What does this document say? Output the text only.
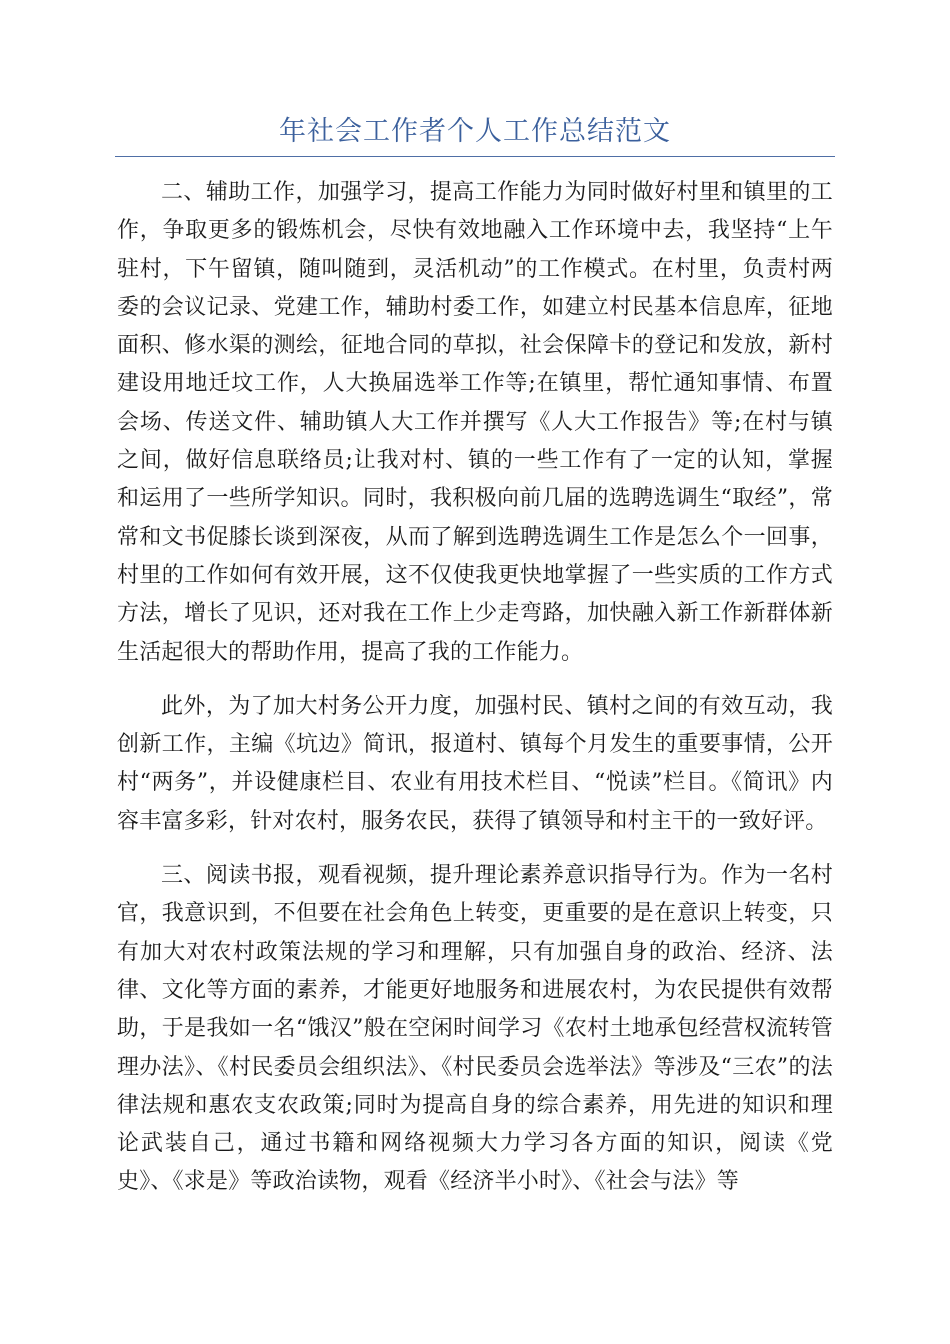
年社会工作者个人工作总结范文

二、辅助工作，加强学习，提高工作能力为同时做好村里和镇里的工作，争取更多的锻炼机会，尽快有效地融入工作环境中去，我坚持“上午驻村，下午留镇，随叫随到，灵活机动”的工作模式。在村里，负责村两委的会议记录、党建工作，辅助村委工作，如建立村民基本信息库，征地面积、修水渠的测绘，征地合同的草拟，社会保障卡的登记和发放，新村建设用地迁坟工作，人大换届选举工作等;在镇里，帮忙通知事情、布置会场、传送文件、辅助镇人大工作并撰写《人大工作报告》等;在村与镇之间，做好信息联络员;让我对村、镇的一些工作有了一定的认知，掌握和运用了一些所学知识。同时，我积极向前几届的选聘选调生“取经”，常常和文书促膝长谈到深夜，从而了解到选聘选调生工作是怎么个一回事，村里的工作如何有效开展，这不仅使我更快地掌握了一些实质的工作方式方法，增长了见识，还对我在工作上少走弯路，加快融入新工作新群体新生活起很大的帮助作用，提高了我的工作能力。

此外，为了加大村务公开力度，加强村民、镇村之间的有效互动，我创新工作，主编《坑边》简讯，报道村、镇每个月发生的重要事情，公开村“两务”，并设健康栏目、农业有用技术栏目、“悦读”栏目。《简讯》内容丰富多彩，针对农村，服务农民，获得了镇领导和村主干的一致好评。

三、阅读书报，观看视频，提升理论素养意识指导行为。作为一名村官，我意识到，不但要在社会角色上转变，更重要的是在意识上转变，只有加大对农村政策法规的学习和理解，只有加强自身的政治、经济、法律、文化等方面的素养，才能更好地服务和进展农村，为农民提供有效帮助，于是我如一名“饿汉”般在空闲时间学习《农村土地承包经营权流转管理办法》、《村民委员会组织法》、《村民委员会选举法》等涉及“三农”的法律法规和惠农支农政策;同时为提高自身的综合素养，用先进的知识和理论武装自己，通过书籍和网络视频大力学习各方面的知识，阅读《党史》、《求是》等政治读物，观看《经济半小时》、《社会与法》等
